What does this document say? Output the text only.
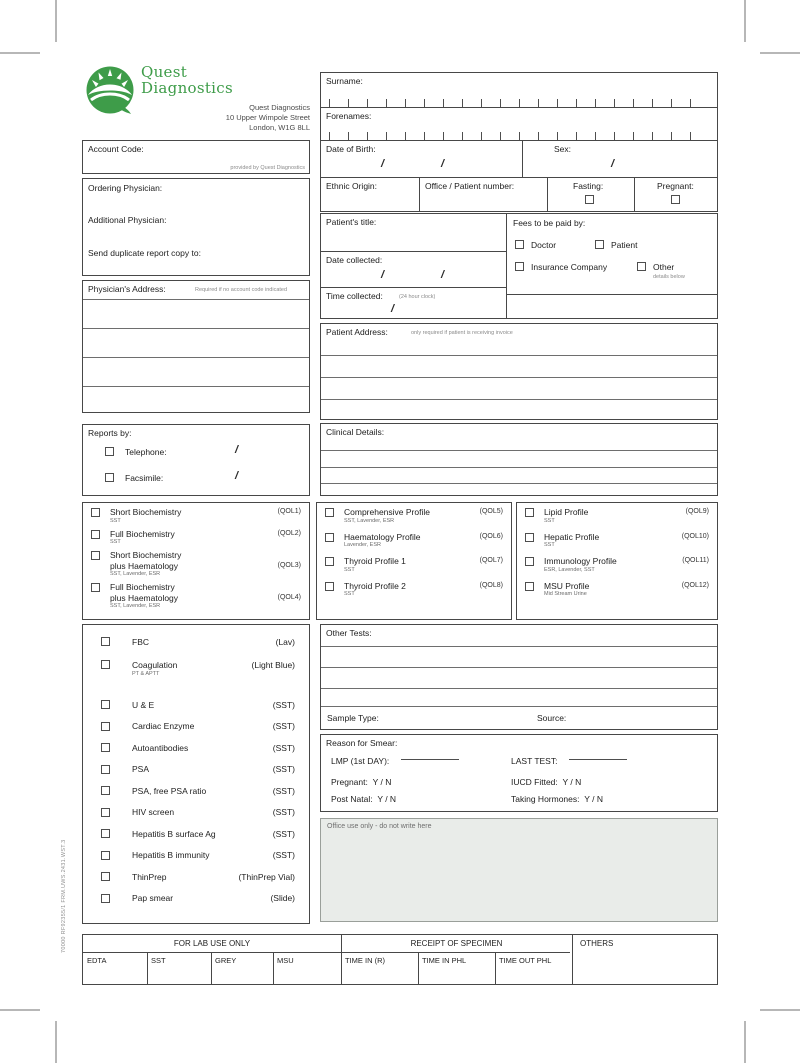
70000 RF92355/1 FRM.UWS.2431.WST.3
Quest
Diagnostics
Quest Diagnostics
10 Upper Wimpole Street
London, W1G 8LL
Account Code:
provided by Quest Diagnostics
Ordering Physician:
Additional Physician:
Send duplicate report copy to:
Physician's Address:	Required if no account code indicated
Reports by:
Telephone:	/
Facsimile:	/
Surname:
Forenames:
Date of Birth:
/	/
Sex:
/
Ethnic Origin:	Office / Patient number:	Fasting:	Pregnant:
Patient's title:
Date collected:
/	/
Time collected:	(24 hour clock)
/
Fees to be paid by:
Doctor	Patient
Insurance Company	Other
details below
Patient Address:	only required if patient is receiving invoice
Clinical Details:
Short Biochemistry	(QOL1)
SST
Full Biochemistry	(QOL2)
SST
Short Biochemistry
plus Haematology	(QOL3)
SST, Lavender, ESR
Full Biochemistry
plus Haematology	(QOL4)
SST, Lavender, ESR
Comprehensive Profile	(QOL5)
SST, Lavender, ESR
Haematology Profile	(QOL6)
Lavender, ESR
Thyroid Profile 1	(QOL7)
SST
Thyroid Profile 2	(QOL8)
SST
Lipid Profile	(QOL9)
SST
Hepatic Profile	(QOL10)
SST
Immunology Profile	(QOL11)
ESR, Lavender, SST
MSU Profile	(QOL12)
Mid Stream Urine
FBC	(Lav)
Coagulation	(Light Blue)
PT & APTT
U & E	(SST)
Cardiac Enzyme	(SST)
Autoantibodies	(SST)
PSA	(SST)
PSA, free PSA ratio	(SST)
HIV screen	(SST)
Hepatitis B surface Ag	(SST)
Hepatitis B immunity	(SST)
ThinPrep	(ThinPrep Vial)
Pap smear	(Slide)
Other Tests:
Sample Type:	Source:
Reason for Smear:
LMP (1st DAY):	LAST TEST:
Pregnant: Y / N	IUCD Fitted: Y / N
Post Natal: Y / N	Taking Hormones: Y / N
Office use only - do not write here
FOR LAB USE ONLY	RECEIPT OF SPECIMEN	OTHERS
EDTA	SST	GREY	MSU	TIME IN (R)	TIME IN PHL	TIME OUT PHL
